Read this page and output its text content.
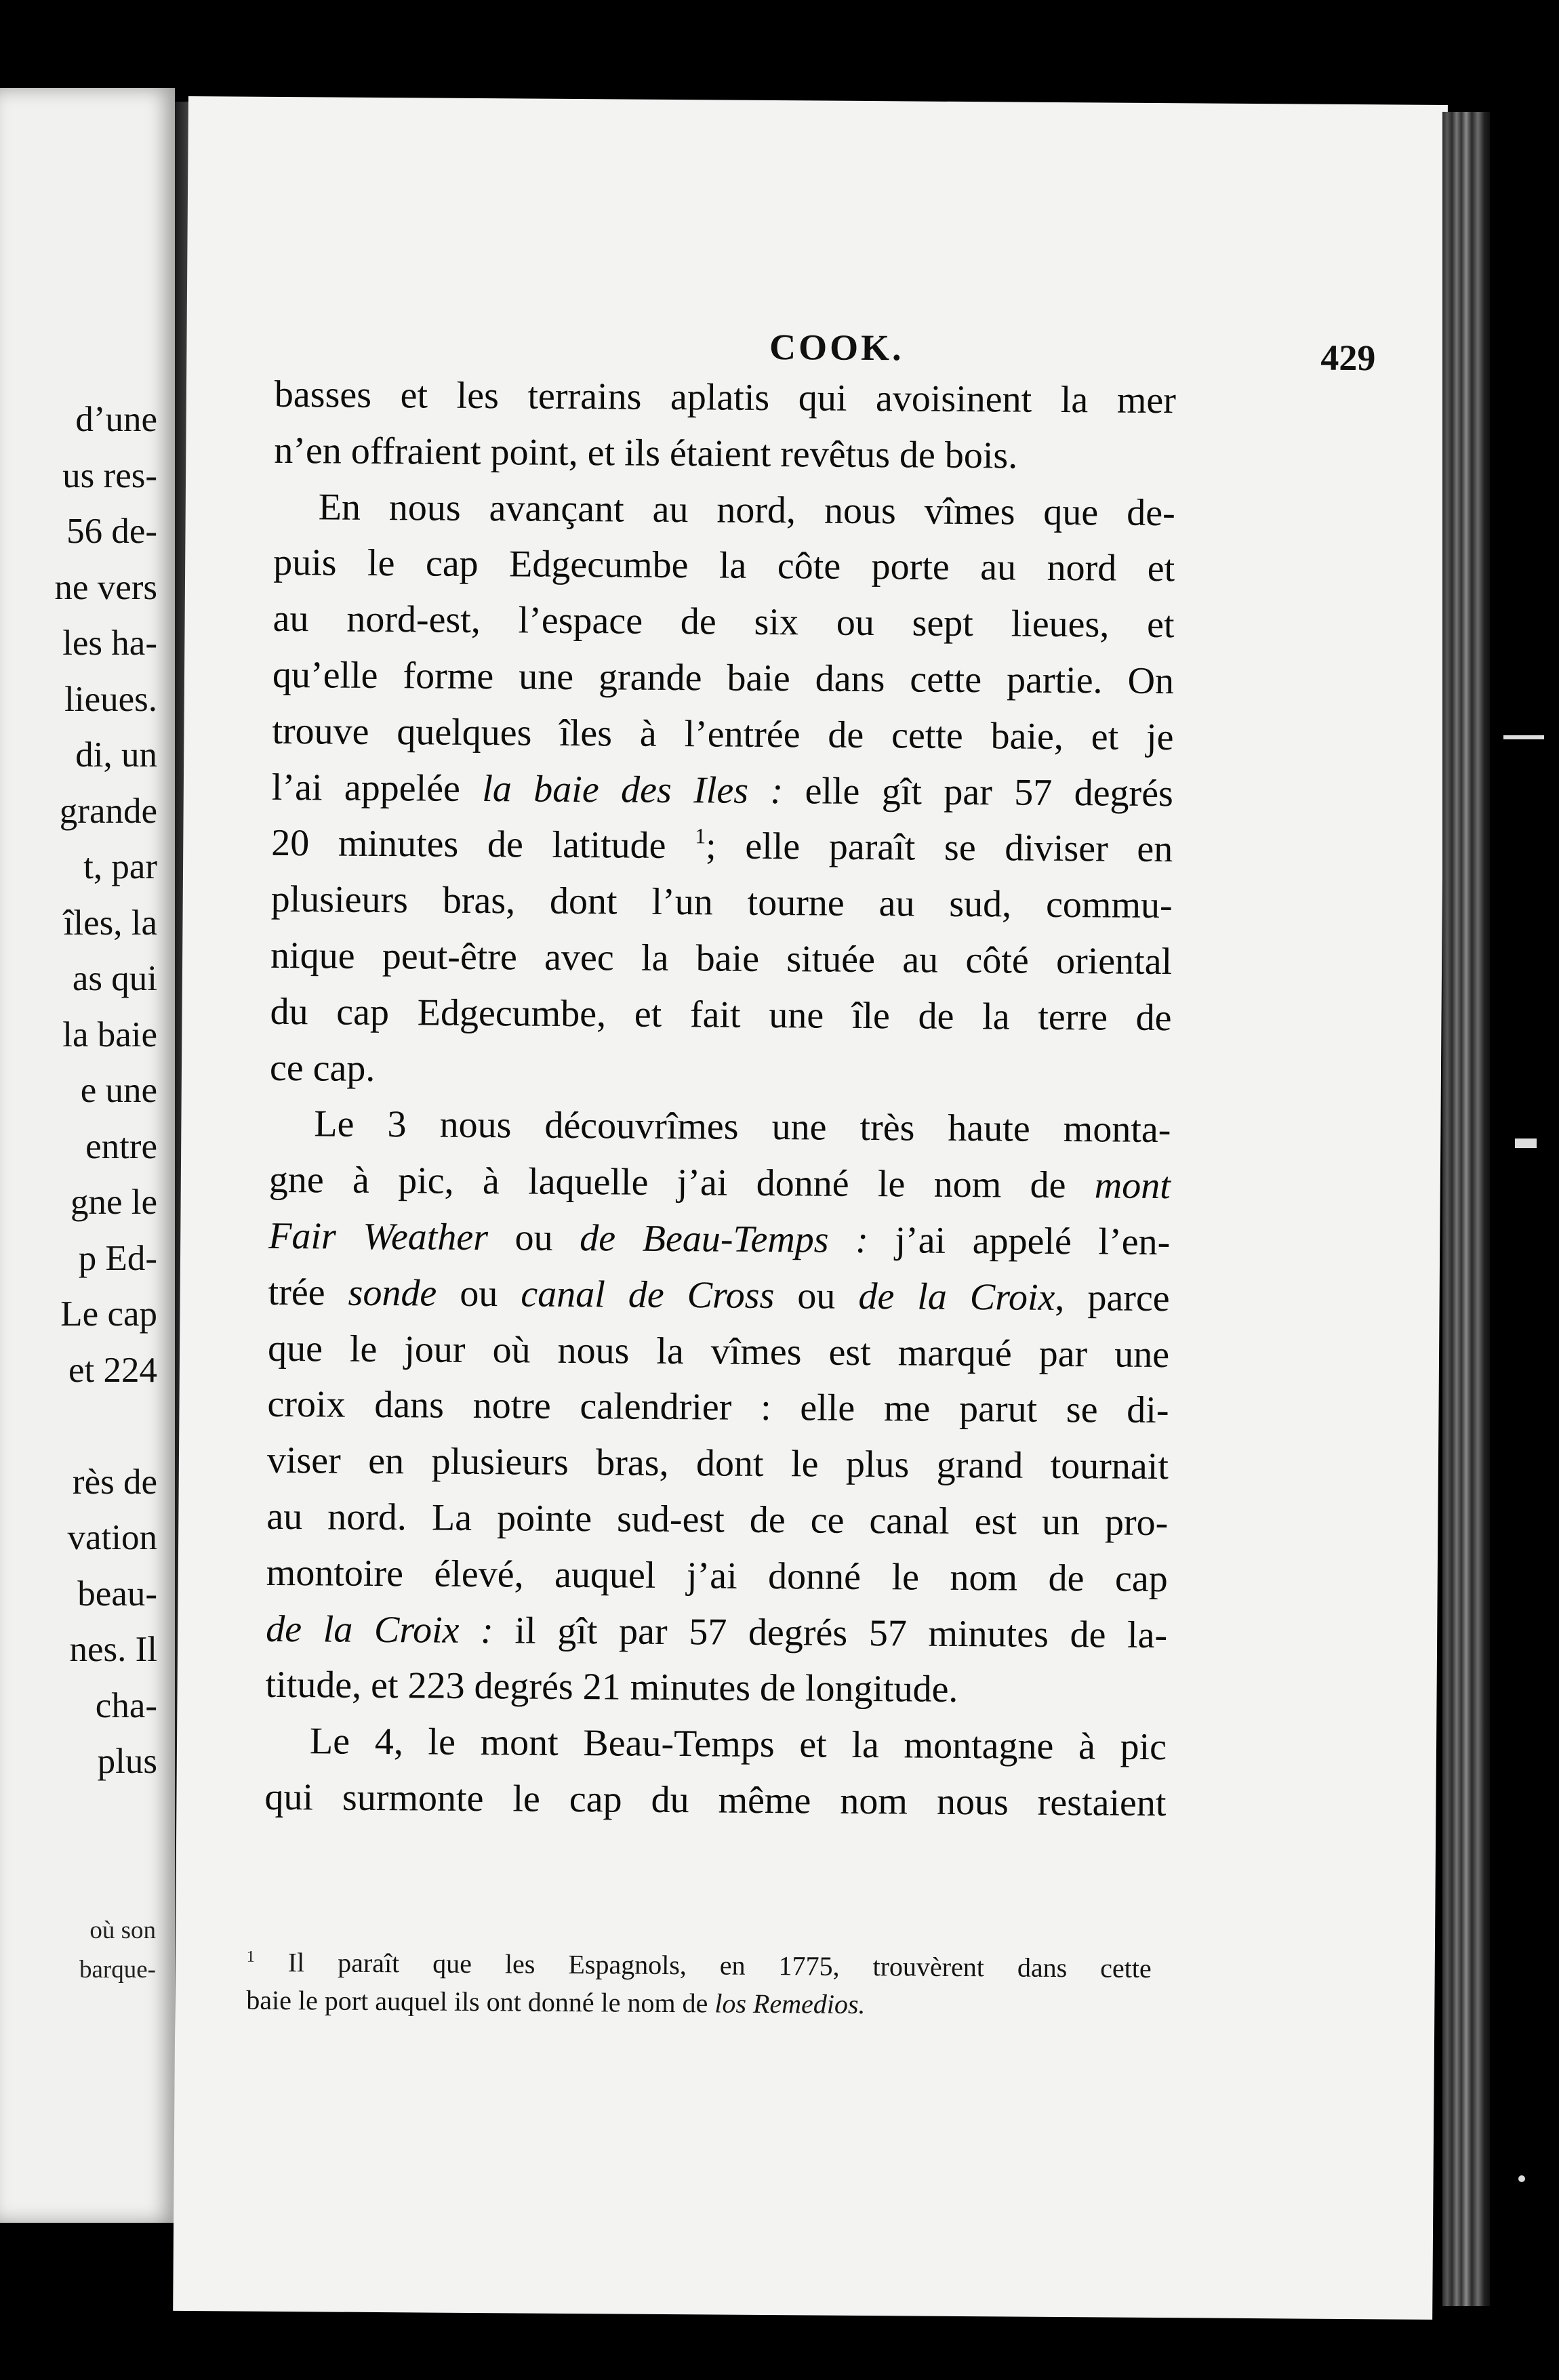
d’une
us res-
56 de-
ne vers
les ha-
lieues.
di, un
grande
t, par
îles, la
as qui
la baie
e une
entre
gne le
p Ed-
Le cap
et 224

rès de
vation
beau-
nes. Il
cha-
plus
où son
barque-
COOK.	429
basses et les terrains aplatis qui avoisinent la mer
n’en offraient point, et ils étaient revêtus de bois.
En nous avançant au nord, nous vîmes que de-
puis le cap Edgecumbe la côte porte au nord et
au nord-est, l’espace de six ou sept lieues, et
qu’elle forme une grande baie dans cette partie. On
trouve quelques îles à l’entrée de cette baie, et je
l’ai appelée la baie des Iles : elle gît par 57 degrés
20 minutes de latitude $^1$; elle paraît se diviser en
plusieurs bras, dont l’un tourne au sud, commu-
nique peut-être avec la baie située au côté oriental
du cap Edgecumbe, et fait une île de la terre de
ce cap.
Le 3 nous découvrîmes une très haute monta-
gne à pic, à laquelle j’ai donné le nom de mont
Fair Weather ou de Beau-Temps : j’ai appelé l’en-
trée sonde ou canal de Cross ou de la Croix, parce
que le jour où nous la vîmes est marqué par une
croix dans notre calendrier : elle me parut se di-
viser en plusieurs bras, dont le plus grand tournait
au nord. La pointe sud-est de ce canal est un pro-
montoire élevé, auquel j’ai donné le nom de cap
de la Croix : il gît par 57 degrés 57 minutes de la-
titude, et 223 degrés 21 minutes de longitude.
Le 4, le mont Beau-Temps et la montagne à pic
qui surmonte le cap du même nom nous restaient
$^1$ Il paraît que les Espagnols, en 1775, trouvèrent dans cette
baie le port auquel ils ont donné le nom de los Remedios.
